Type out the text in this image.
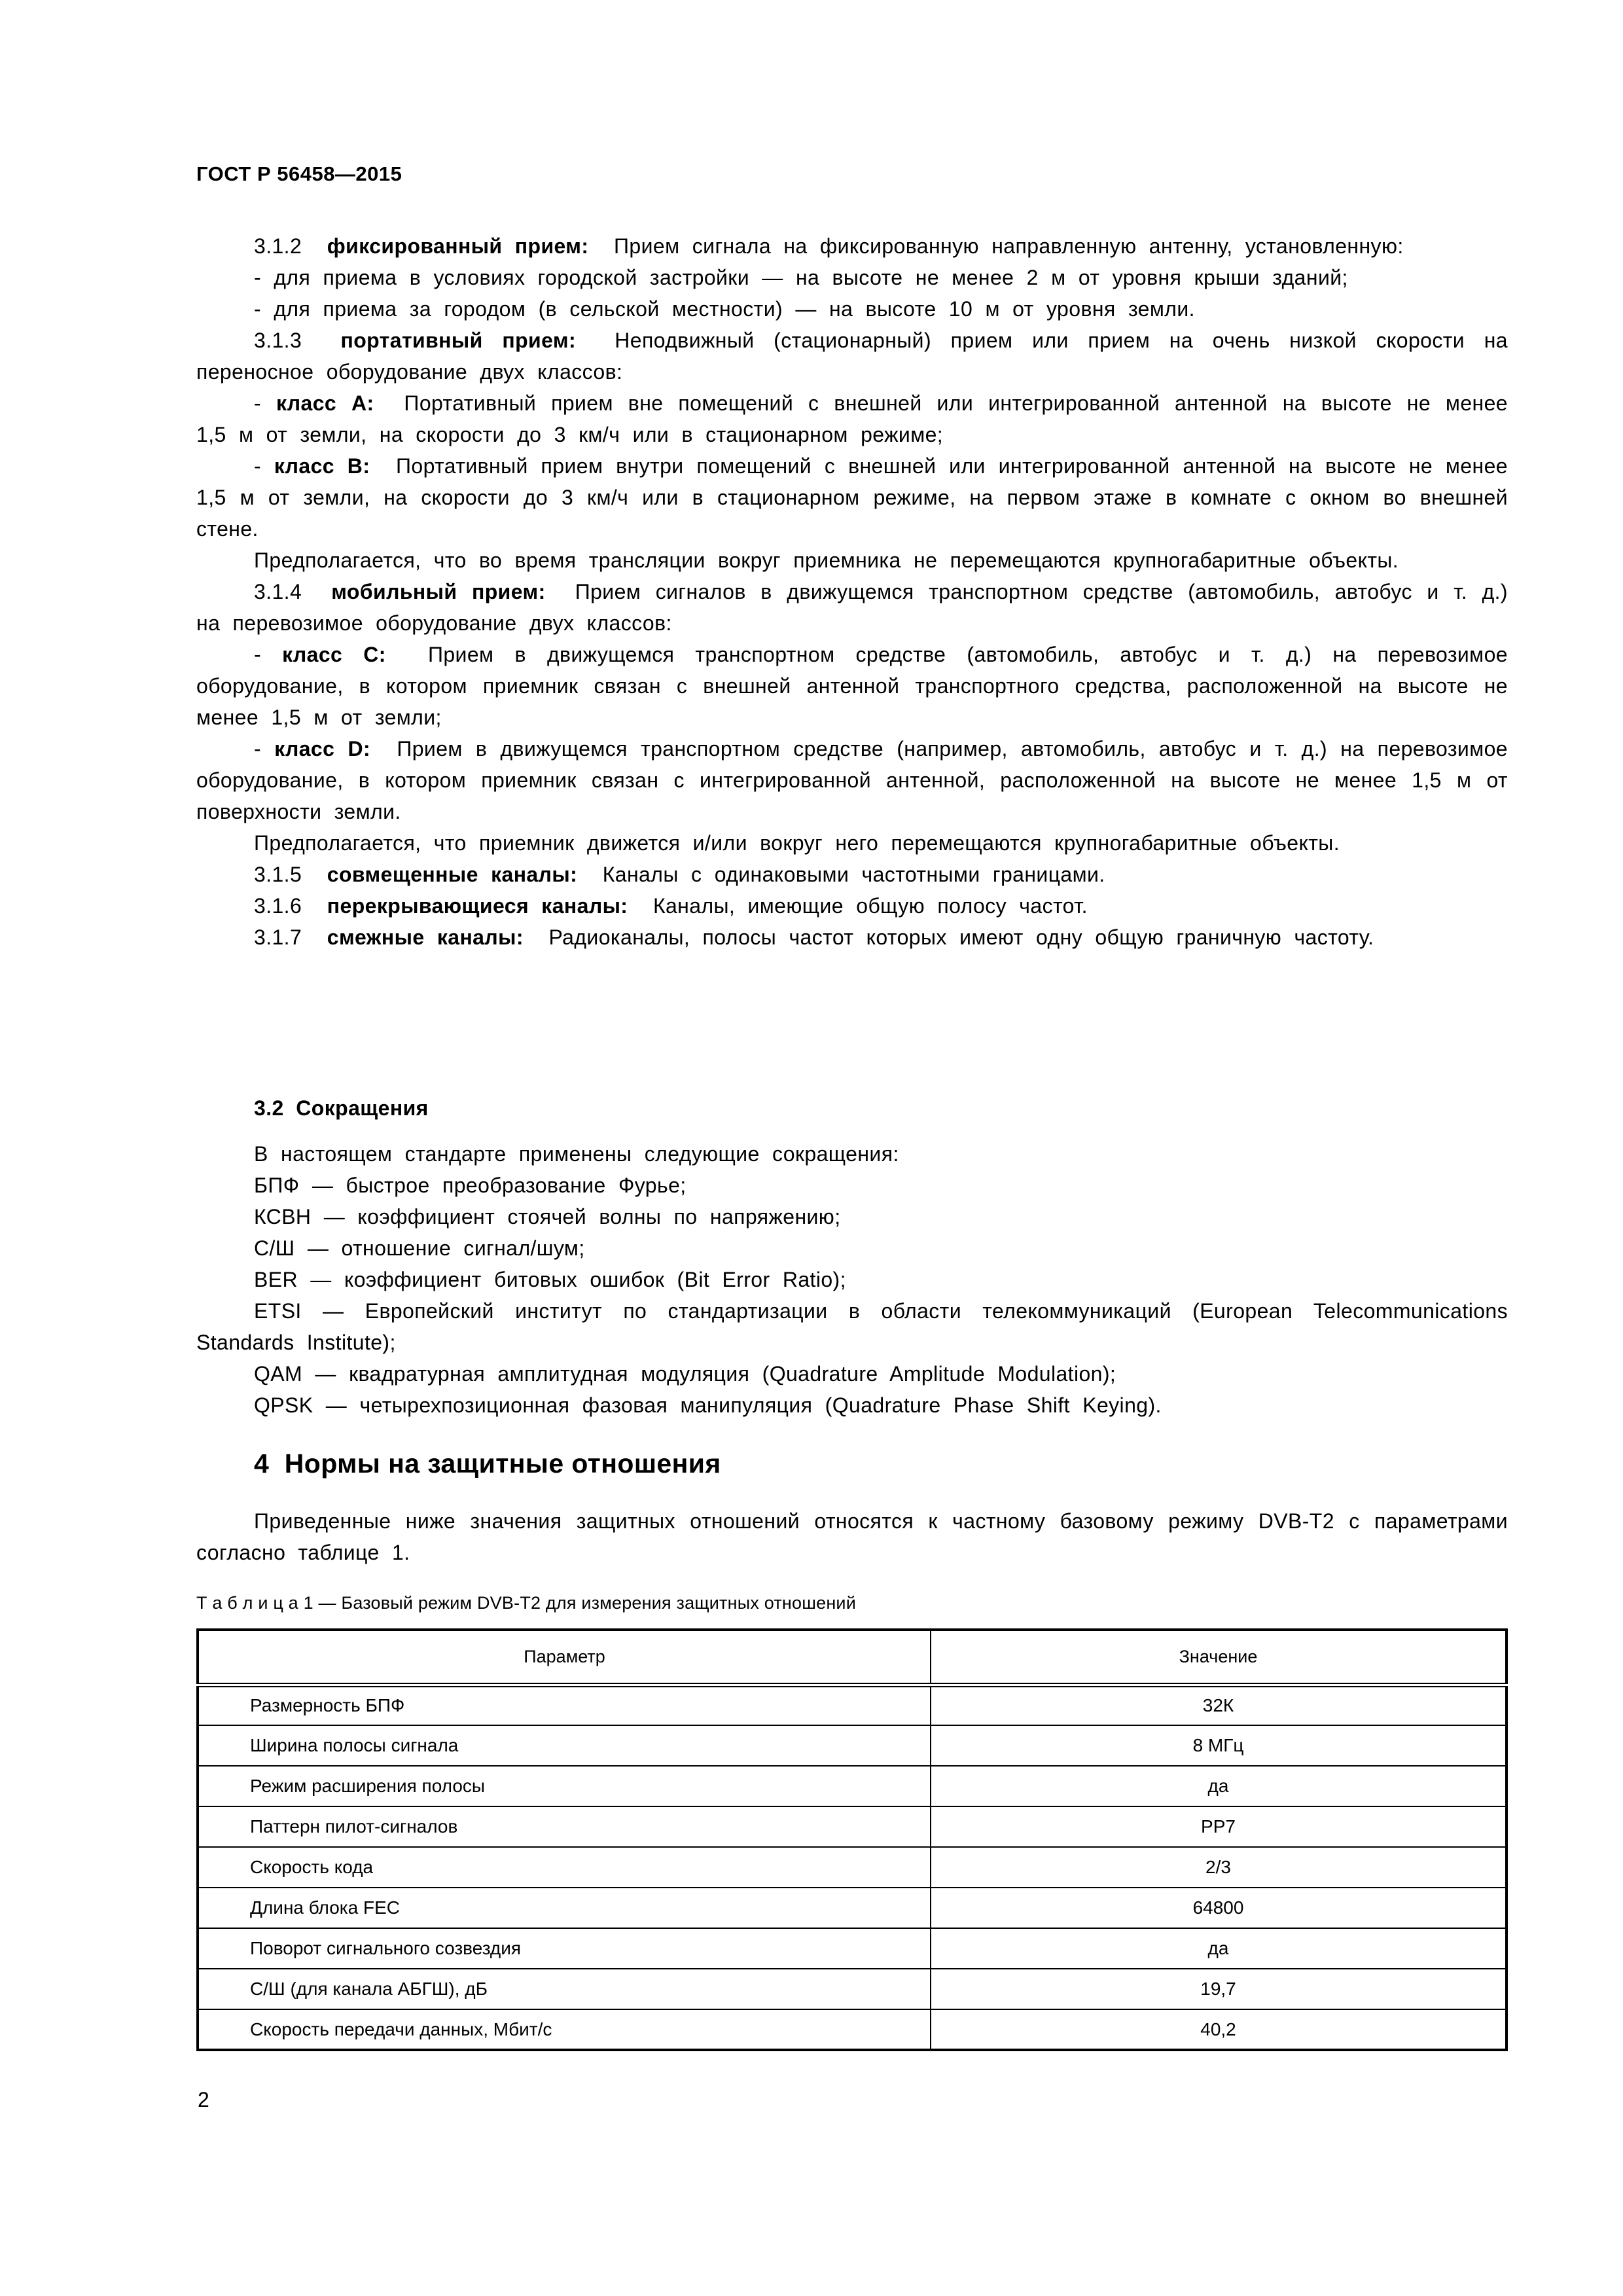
ГОСТ Р 56458—2015

3.1.2  фиксированный прием:  Прием сигнала на фиксированную направленную антенну, установленную:

- для приема в условиях городской застройки — на высоте не менее 2 м от уровня крыши зданий;

- для приема за городом (в сельской местности) — на высоте 10 м от уровня земли.

3.1.3  портативный прием:  Неподвижный (стационарный) прием или прием на очень низкой скорости на переносное оборудование двух классов:

- класс А:  Портативный прием вне помещений с внешней или интегрированной антенной на высоте не менее 1,5 м от земли, на скорости до 3 км/ч или в стационарном режиме;

- класс В:  Портативный прием внутри помещений с внешней или интегрированной антенной на высоте не менее 1,5 м от земли, на скорости до 3 км/ч или в стационарном режиме, на первом этаже в комнате с окном во внешней стене.

Предполагается, что во время трансляции вокруг приемника не перемещаются крупногабаритные объекты.

3.1.4  мобильный прием:  Прием сигналов в движущемся транспортном средстве (автомобиль, автобус и т. д.) на перевозимое оборудование двух классов:

- класс С:  Прием в движущемся транспортном средстве (автомобиль, автобус и т. д.) на перевозимое оборудование, в котором приемник связан с внешней антенной транспортного средства, расположенной на высоте не менее 1,5 м от земли;

- класс D:  Прием в движущемся транспортном средстве (например, автомобиль, автобус и т. д.) на перевозимое оборудование, в котором приемник связан с интегрированной антенной, расположенной на высоте не менее 1,5 м от поверхности земли.

Предполагается, что приемник движется и/или вокруг него перемещаются крупногабаритные объекты.

3.1.5  совмещенные каналы:  Каналы с одинаковыми частотными границами.

3.1.6  перекрывающиеся каналы:  Каналы, имеющие общую полосу частот.

3.1.7  смежные каналы:  Радиоканалы, полосы частот которых имеют одну общую граничную частоту.

3.2  Сокращения

В настоящем стандарте применены следующие сокращения:

БПФ — быстрое преобразование Фурье;

КСВН — коэффициент стоячей волны по напряжению;

С/Ш — отношение сигнал/шум;

BER — коэффициент битовых ошибок (Bit Error Ratio);

ETSI — Европейский институт по стандартизации в области телекоммуникаций (European Telecommunications Standards Institute);

QAM — квадратурная амплитудная модуляция (Quadrature Amplitude Modulation);

QPSK — четырехпозиционная фазовая манипуляция (Quadrature Phase Shift Keying).

4  Нормы на защитные отношения

Приведенные ниже значения защитных отношений относятся к частному базовому режиму DVB-T2 с параметрами согласно таблице 1.

Т а б л и ц а 1 — Базовый режим DVB-T2 для измерения защитных отношений
Параметр	Значение
Размерность БПФ	32К
Ширина полосы сигнала	8 МГц
Режим расширения полосы	да
Паттерн пилот-сигналов	PP7
Скорость кода	2/3
Длина блока FEC	64800
Поворот сигнального созвездия	да
С/Ш (для канала АБГШ), дБ	19,7
Скорость передачи данных, Мбит/с	40,2
2
